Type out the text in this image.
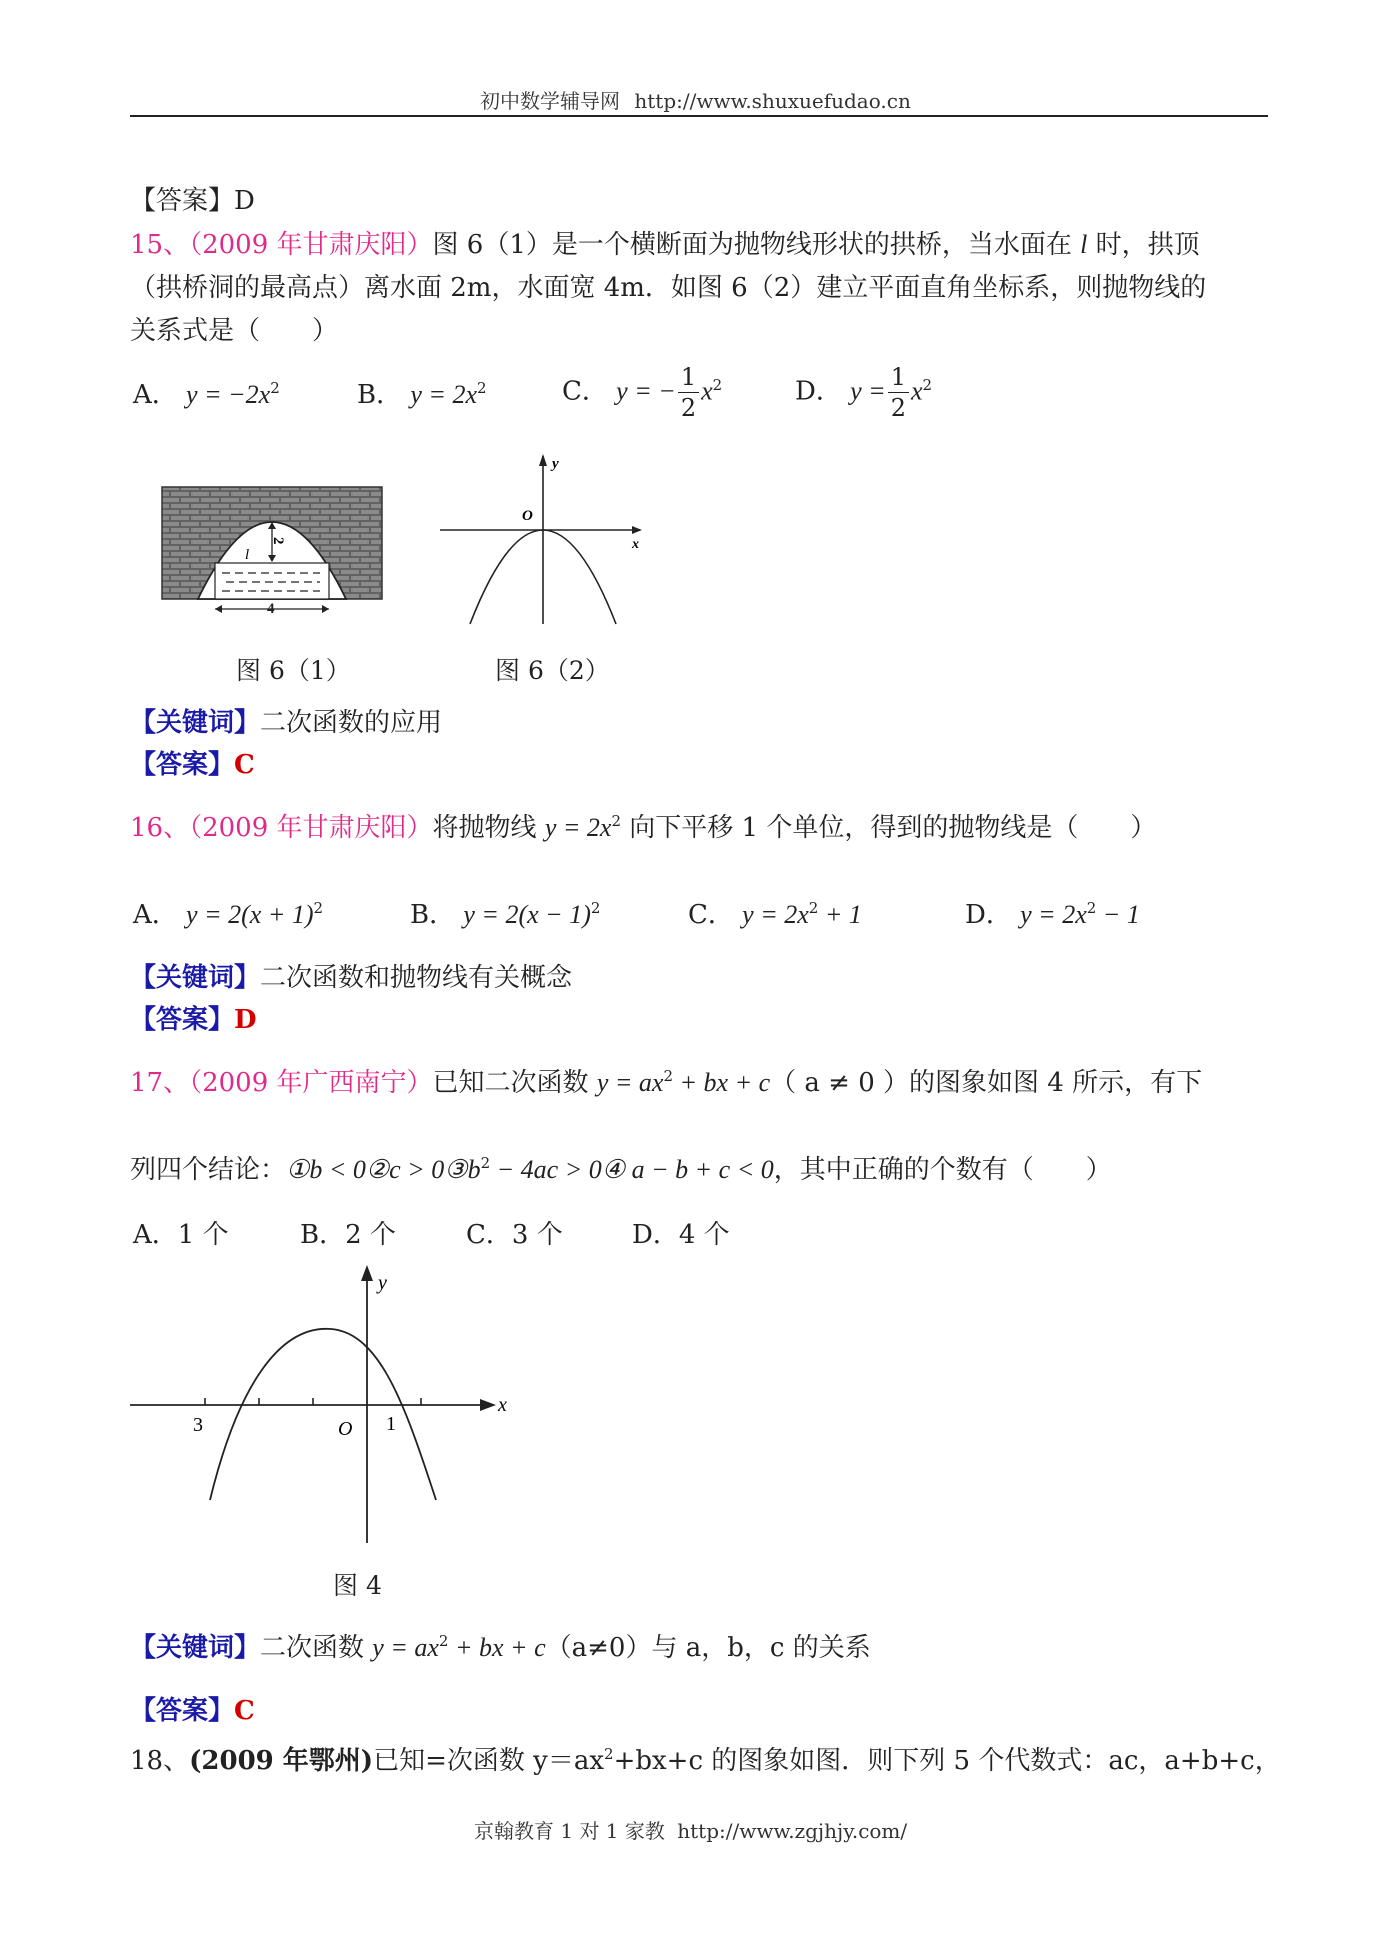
初中数学辅导网 http://www.shuxuefudao.cn
【答案】D
15、（2009 年甘肃庆阳）图 6（1）是一个横断面为抛物线形状的拱桥，当水面在 l 时，拱顶
（拱桥洞的最高点）离水面 2m，水面宽 4m．如图 6（2）建立平面直角坐标系，则抛物线的
关系式是（　　）
A． $y = -2x^2$	B． $y = 2x^2$	C． y = − $\frac{1}{2} x^2$	D． $y = \frac{1}{2} x^2$
2
l
4
y
O
x
图 6（1）	图 6（2）
【关键词】二次函数的应用
【答案】C
16、（2009 年甘肃庆阳）将抛物线 $y = 2x^2$ 向下平移 1 个单位，得到的抛物线是（　　）
A． $y = 2(x + 1)^2$	B． $y = 2(x - 1)^2$	C． $y = 2x^2 + 1$	D． $y = 2x^2 - 1$
【关键词】二次函数和抛物线有关概念
【答案】D
17、（2009 年广西南宁）已知二次函数 $y = ax^2$ + bx + c（ a ≠ 0 ）的图象如图 4 所示，有下
列四个结论：①b < 0②c > $0③b^2 - 4ac$ > 0④ a − b + c < 0，其中正确的个数有（　　）
A．1 个	B．2 个	C．3 个	D．4 个
y
x
O
3	1
图 4
【关键词】二次函数 $y = ax^2$ + bx + c（a≠0）与 a，b，c 的关系
【答案】C
18、(2009 年鄂州)已知=次函数 $y=ax^2+bx+c$ 的图象如图．则下列 5 个代数式：ac，a+b+c，
京翰教育 1 对 1 家教 http://www.zgjhjy.com/
